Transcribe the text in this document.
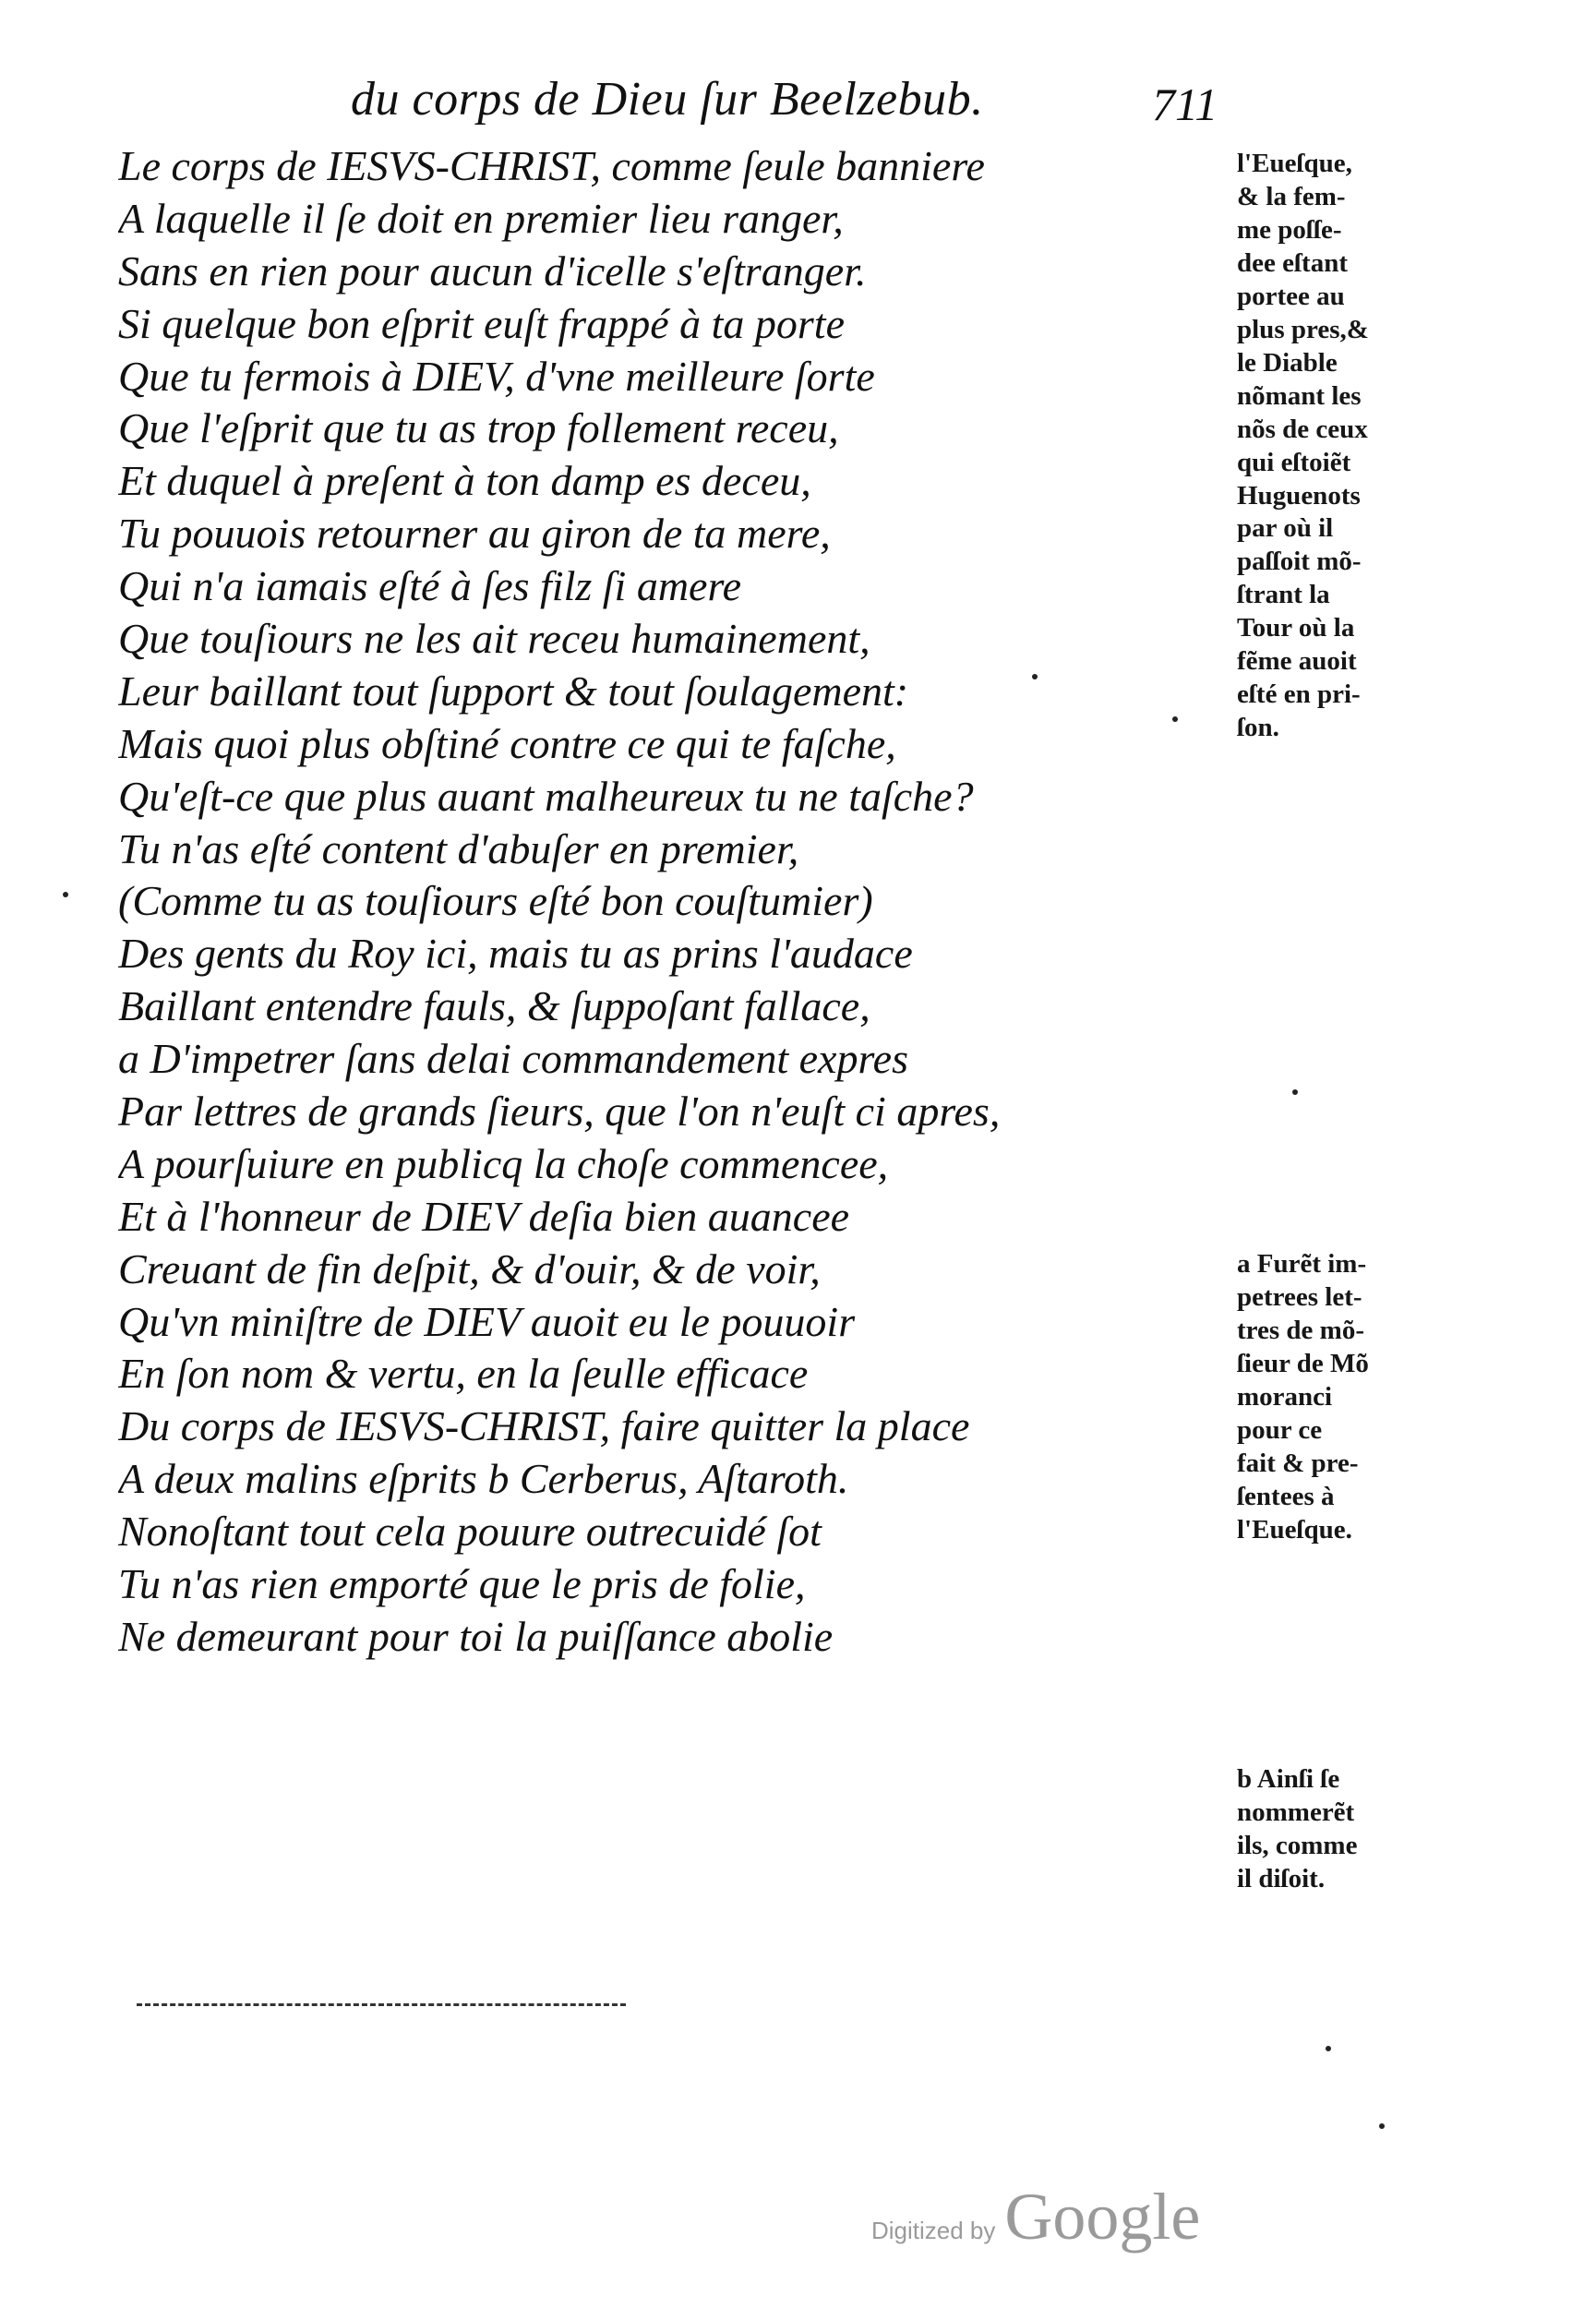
du corps de Dieu ſur Beelzebub.	711
Le corps de IESVS-CHRIST, comme ſeule banniere
A laquelle il ſe doit en premier lieu ranger,
Sans en rien pour aucun d'icelle s'eſtranger.
Si quelque bon eſprit euſt frappé à ta porte
Que tu fermois à DIEV, d'vne meilleure ſorte
Que l'eſprit que tu as trop follement receu,
Et duquel à preſent à ton damp es deceu,
Tu pouuois retourner au giron de ta mere,
Qui n'a iamais eſté à ſes filz ſi amere
Que touſiours ne les ait receu humainement,
Leur baillant tout ſupport & tout ſoulagement:
Mais quoi plus obſtiné contre ce qui te faſche,
Qu'eſt-ce que plus auant malheureux tu ne taſche?
Tu n'as eſté content d'abuſer en premier,
(Comme tu as touſiours eſté bon couſtumier)
Des gents du Roy ici, mais tu as prins l'audace
Baillant entendre fauls, & ſuppoſant fallace,
a D'impetrer ſans delai commandement expres
Par lettres de grands ſieurs, que l'on n'euſt ci apres,
A pourſuiure en publicq la choſe commencee,
Et à l'honneur de DIEV deſia bien auancee
Creuant de fin deſpit, & d'ouir, & de voir,
Qu'vn miniſtre de DIEV auoit eu le pouuoir
En ſon nom & vertu, en la ſeulle efficace
Du corps de IESVS-CHRIST, faire quitter la place
A deux malins eſprits b Cerberus, Aſtaroth.
Nonoſtant tout cela pouure outrecuidé ſot
Tu n'as rien emporté que le pris de folie,
Ne demeurant pour toi la puiſſance abolie
l'Eueſque,
& la fem-
me poſſe-
dee eſtant
portee au
plus pres,&
le Diable
nõmant les
nõs de ceux
qui eſtoiẽt
Huguenots
par où il
paſſoit mõ-
ſtrant la
Tour où la
fẽme auoit
eſté en pri-
ſon.
a Furẽt im-
petrees let-
tres de mõ-
ſieur de Mõ
moranci
pour ce
fait & pre-
ſentees à
l'Eueſque.
b Ainſi ſe
nommerẽt
ils, comme
il diſoit.
Digitized by Google
